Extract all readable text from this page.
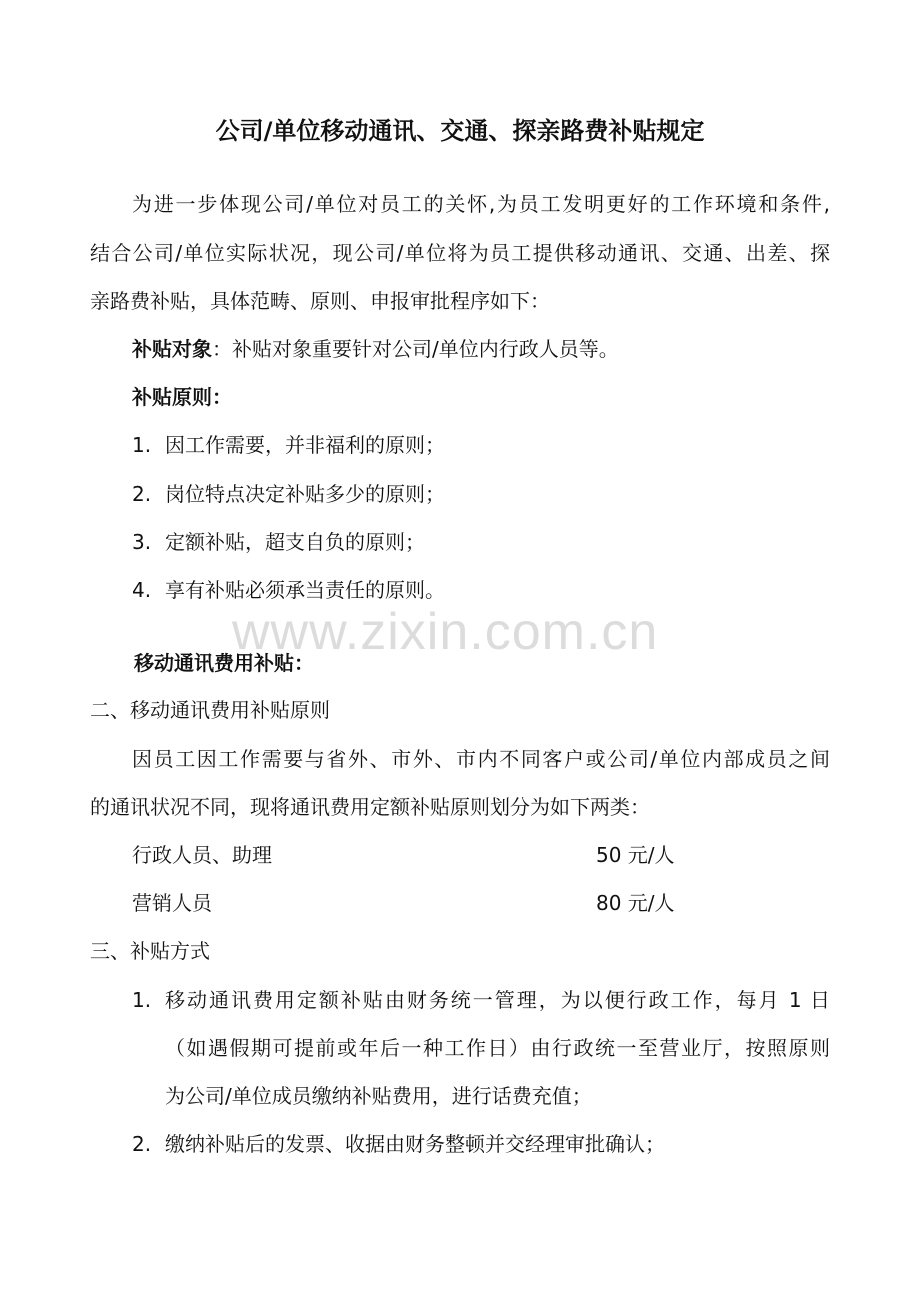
公司/单位移动通讯、交通、探亲路费补贴规定
为进一步体现公司/单位对员工的关怀,为员工发明更好的工作环境和条件,
结合公司/单位实际状况，现公司/单位将为员工提供移动通讯、交通、出差、探
亲路费补贴，具体范畴、原则、申报审批程序如下：
补贴对象：补贴对象重要针对公司/单位内行政人员等。
补贴原则：
1. 因工作需要，并非福利的原则；
2. 岗位特点决定补贴多少的原则；
3. 定额补贴，超支自负的原则；
4. 享有补贴必须承当责任的原则。
www.zixin.com.cn
移动通讯费用补贴：
二、移动通讯费用补贴原则
因员工因工作需要与省外、市外、市内不同客户或公司/单位内部成员之间
的通讯状况不同，现将通讯费用定额补贴原则划分为如下两类：
行政人员、助理	50 元/人
营销人员	80 元/人
三、补贴方式
1. 移动通讯费用定额补贴由财务统一管理，为以便行政工作，每月 1 日
（如遇假期可提前或年后一种工作日）由行政统一至营业厅，按照原则
为公司/单位成员缴纳补贴费用，进行话费充值；
2. 缴纳补贴后的发票、收据由财务整顿并交经理审批确认；
